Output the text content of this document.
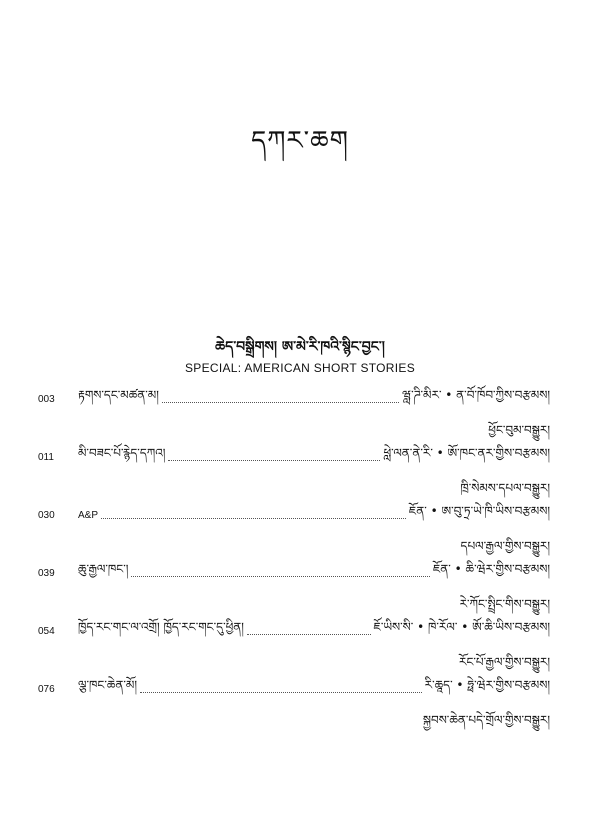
དཀར་ཆག
ཆེད་བསྒྲིགས། ཨ་མེ་རི་ཁའི་སྙིང་བྱང་།
SPECIAL: AMERICAN SHORT STORIES
003	རྟགས་དང་མཚན་མ།	ཝླ་ཌི་མིར་ • ན་བོ་ཁོབ་ཀྱིས་བརྩམས།
ཕྱོང་བུམ་བསྒྱུར།
011	མི་བཟང་པོ་རྙེད་དཀའ།	ཕླེ་ལན་ནེ་རི་ • ཨོ་ཁང་ནར་གྱིས་བརྩམས།
ཁྲི་སེམས་དཔལ་བསྒྱུར།
030	A&P	ཇོན་ • ཨ་བུ་ཏྲ་ཡེ་ཁི་ཡིས་བརྩམས།
དཔལ་རྒྱལ་གྱིས་བསྒྱུར།
039	ཆུ་རྒྱལ་ཁང་།	ཇོན་ • ཆི་ཝེར་གྱིས་བརྩམས།
རེ་ཀོང་སྤྲིང་གིས་བསྒྱུར།
054	ཁྱོད་རང་གང་ལ་འགྲོ། ཁྱོད་རང་གང་དུ་ཕྱིན།	ཇོ་ཡིས་སི་ • ཁེ་རོལ་ • ཨོ་ཆི་ཡིས་བརྩམས།
རོང་པོ་རྒྱལ་གྱིས་བསྒྱུར།
076	ལྕ་ཁང་ཆེན་མོ།	རི་ཆཱད་ • ཧྥེ་ཝེར་གྱིས་བརྩམས།
སྐྱབས་ཆེན་པདེ་གྲོལ་གྱིས་བསྒྱུར།
